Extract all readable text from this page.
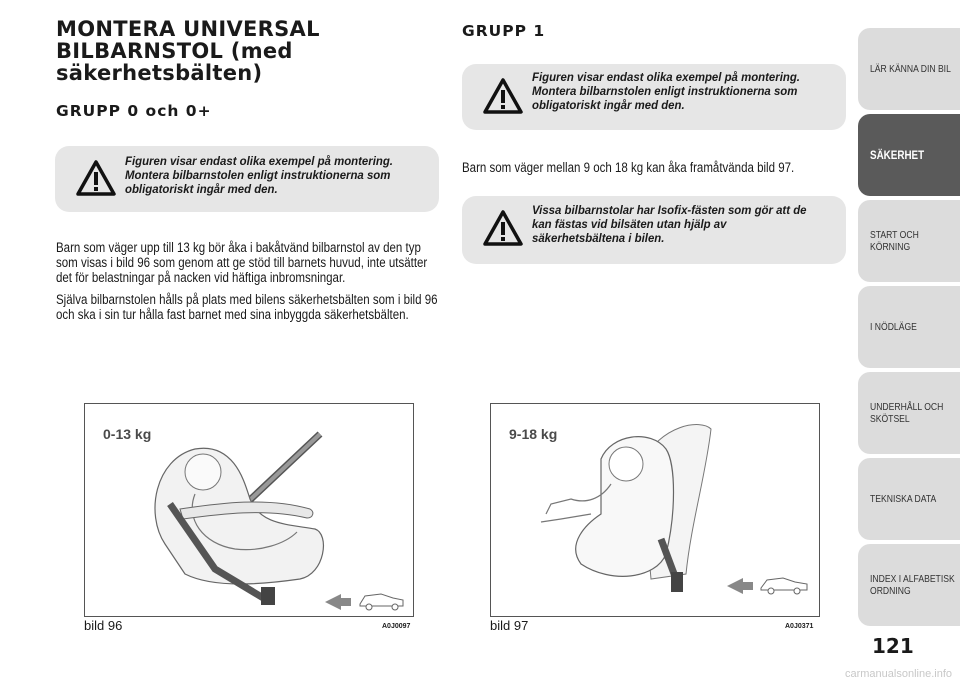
MONTERA UNIVERSAL BILBARNSTOL (med säkerhetsbälten)
GRUPP 0 och 0+
Figuren visar endast olika exempel på montering. Montera bilbarnstolen enligt instruktionerna som obligatoriskt ingår med den.

Barn som väger upp till 13 kg bör åka i bakåtvänd bilbarnstol av den typ som visas i bild 96 som genom att ge stöd till barnets huvud, inte utsätter det för belastningar på nacken vid häftiga inbromsningar.

Själva bilbarnstolen hålls på plats med bilens säkerhetsbälten som i bild 96 och ska i sin tur hålla fast barnet med sina inbyggda säkerhetsbälten.

0-13 kg
bild 96	A0J0097
GRUPP 1
Figuren visar endast olika exempel på montering. Montera bilbarnstolen enligt instruktionerna som obligatoriskt ingår med den.

Barn som väger mellan 9 och 18 kg kan åka framåtvända bild 97.

Vissa bilbarnstolar har Isofix-fästen som gör att de kan fästas vid bilsäten utan hjälp av säkerhetsbältena i bilen.
9-18 kg
bild 97	A0J0371
LÄR KÄNNA DIN BIL
SÄKERHET
START OCH KÖRNING
I NÖDLÄGE
UNDERHÅLL OCH SKÖTSEL
TEKNISKA DATA
INDEX I ALFABETISK ORDNING
121
carmanualsonline.info
